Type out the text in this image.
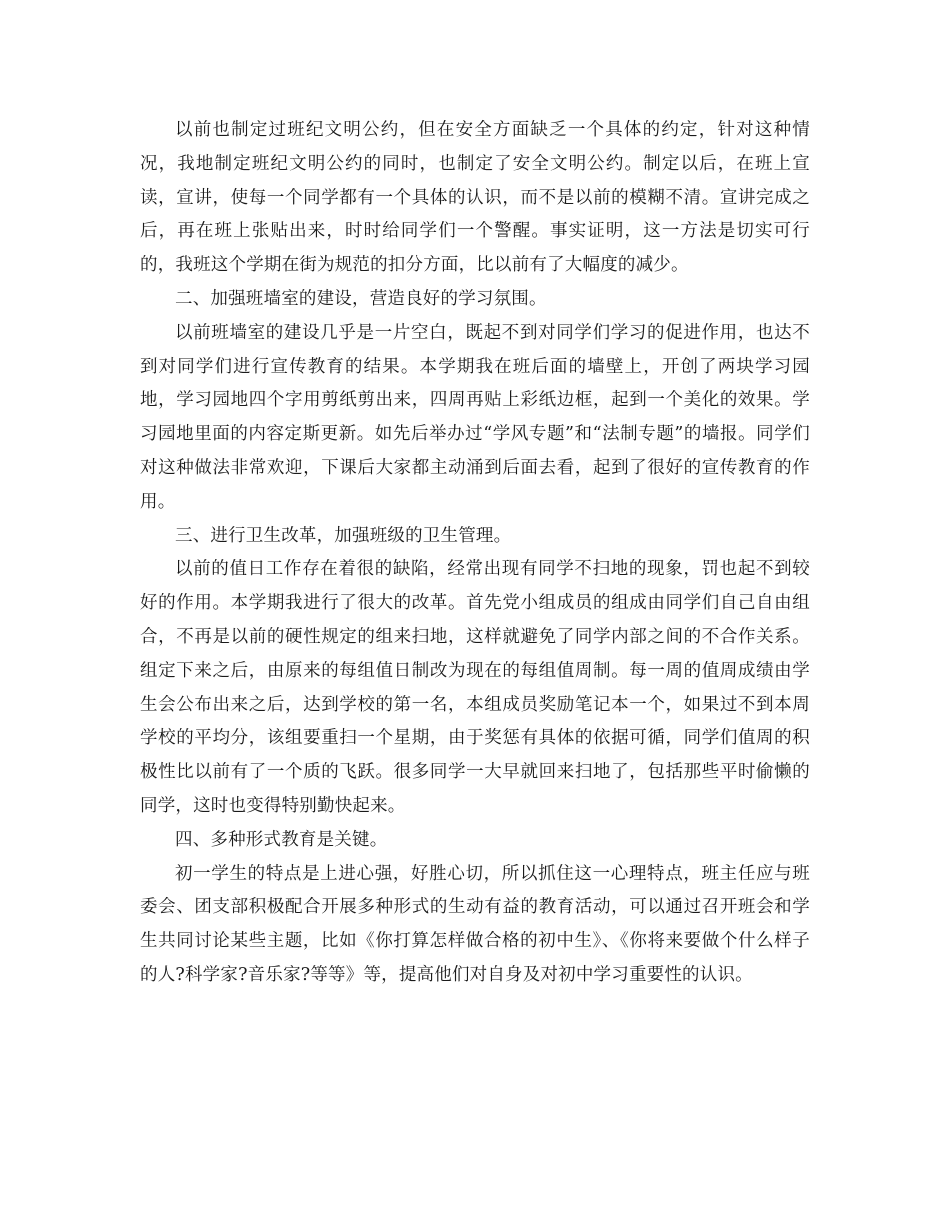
以前也制定过班纪文明公约，但在安全方面缺乏一个具体的约定，针对这种情况，我地制定班纪文明公约的同时，也制定了安全文明公约。制定以后，在班上宣读，宣讲，使每一个同学都有一个具体的认识，而不是以前的模糊不清。宣讲完成之后，再在班上张贴出来，时时给同学们一个警醒。事实证明，这一方法是切实可行的，我班这个学期在街为规范的扣分方面，比以前有了大幅度的减少。

二、加强班墙室的建设，营造良好的学习氛围。

以前班墙室的建设几乎是一片空白，既起不到对同学们学习的促进作用，也达不到对同学们进行宣传教育的结果。本学期我在班后面的墙壁上，开创了两块学习园地，学习园地四个字用剪纸剪出来，四周再贴上彩纸边框，起到一个美化的效果。学习园地里面的内容定斯更新。如先后举办过“学风专题”和“法制专题”的墙报。同学们对这种做法非常欢迎，下课后大家都主动涌到后面去看，起到了很好的宣传教育的作用。

三、进行卫生改革，加强班级的卫生管理。

以前的值日工作存在着很的缺陷，经常出现有同学不扫地的现象，罚也起不到较好的作用。本学期我进行了很大的改革。首先党小组成员的组成由同学们自己自由组合，不再是以前的硬性规定的组来扫地，这样就避免了同学内部之间的不合作关系。组定下来之后，由原来的每组值日制改为现在的每组值周制。每一周的值周成绩由学生会公布出来之后，达到学校的第一名，本组成员奖励笔记本一个，如果过不到本周学校的平均分，该组要重扫一个星期，由于奖惩有具体的依据可循，同学们值周的积极性比以前有了一个质的飞跃。很多同学一大早就回来扫地了，包括那些平时偷懒的同学，这时也变得特别勤快起来。

四、多种形式教育是关键。

初一学生的特点是上进心强，好胜心切，所以抓住这一心理特点，班主任应与班委会、团支部积极配合开展多种形式的生动有益的教育活动，可以通过召开班会和学生共同讨论某些主题，比如《你打算怎样做合格的初中生》、《你将来要做个什么样子的人?科学家?音乐家?等等》等，提高他们对自身及对初中学习重要性的认识。
